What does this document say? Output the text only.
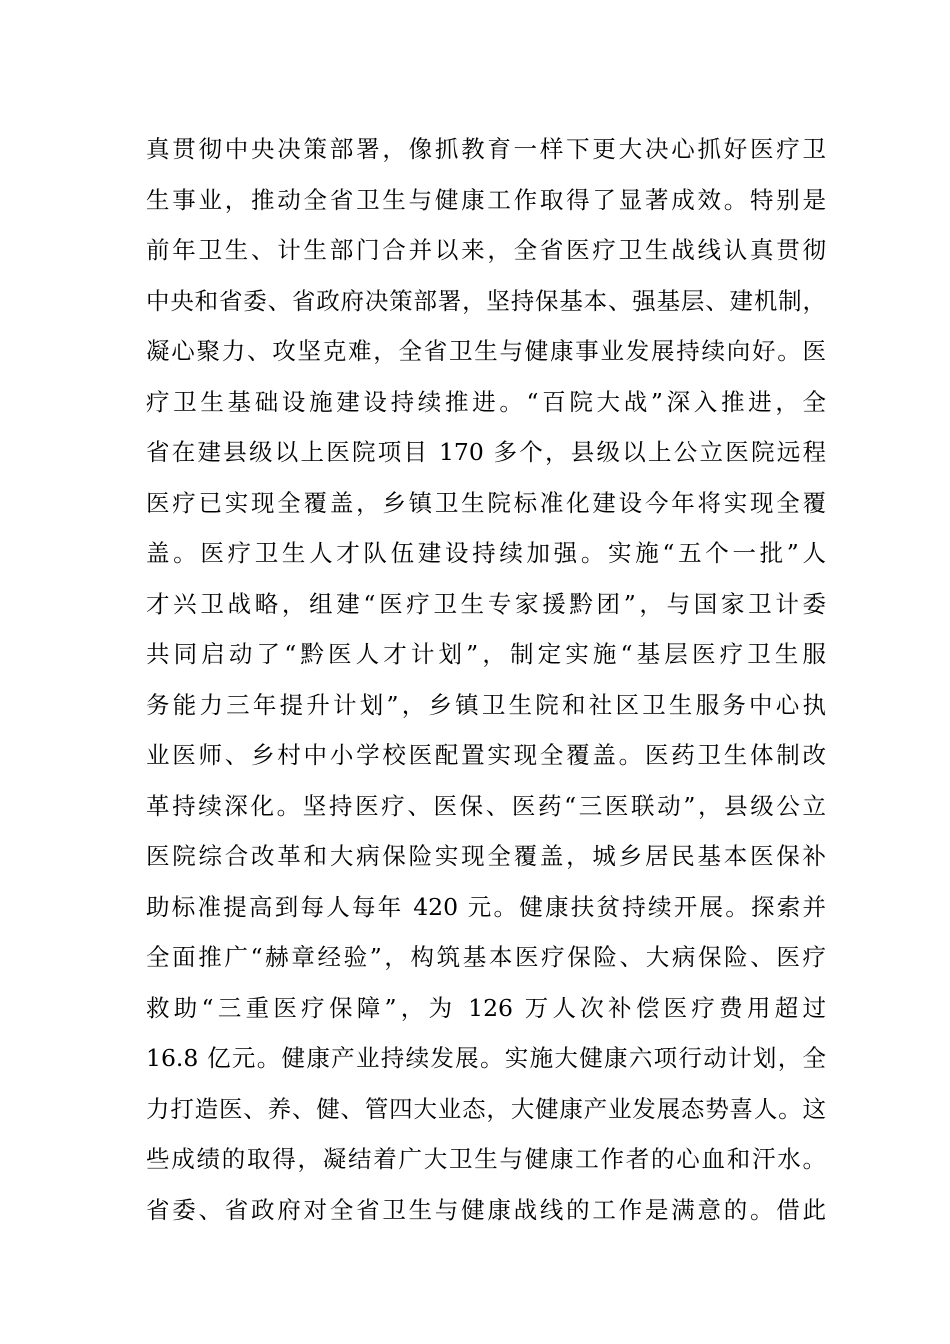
真贯彻中央决策部署，像抓教育一样下更大决心抓好医疗卫
生事业，推动全省卫生与健康工作取得了显著成效。特别是
前年卫生、计生部门合并以来，全省医疗卫生战线认真贯彻
中央和省委、省政府决策部署，坚持保基本、强基层、建机制，
凝心聚力、攻坚克难，全省卫生与健康事业发展持续向好。医
疗卫生基础设施建设持续推进。“百院大战”深入推进，全
省在建县级以上医院项目 170 多个，县级以上公立医院远程
医疗已实现全覆盖，乡镇卫生院标准化建设今年将实现全覆
盖。医疗卫生人才队伍建设持续加强。实施“五个一批”人
才兴卫战略，组建“医疗卫生专家援黔团”，与国家卫计委
共同启动了“黔医人才计划”，制定实施“基层医疗卫生服
务能力三年提升计划”，乡镇卫生院和社区卫生服务中心执
业医师、乡村中小学校医配置实现全覆盖。医药卫生体制改
革持续深化。坚持医疗、医保、医药“三医联动”，县级公立
医院综合改革和大病保险实现全覆盖，城乡居民基本医保补
助标准提高到每人每年 420 元。健康扶贫持续开展。探索并
全面推广“赫章经验”，构筑基本医疗保险、大病保险、医疗
救助“三重医疗保障”，为 126 万人次补偿医疗费用超过
16.8 亿元。健康产业持续发展。实施大健康六项行动计划，全
力打造医、养、健、管四大业态，大健康产业发展态势喜人。这
些成绩的取得，凝结着广大卫生与健康工作者的心血和汗水。
省委、省政府对全省卫生与健康战线的工作是满意的。借此
